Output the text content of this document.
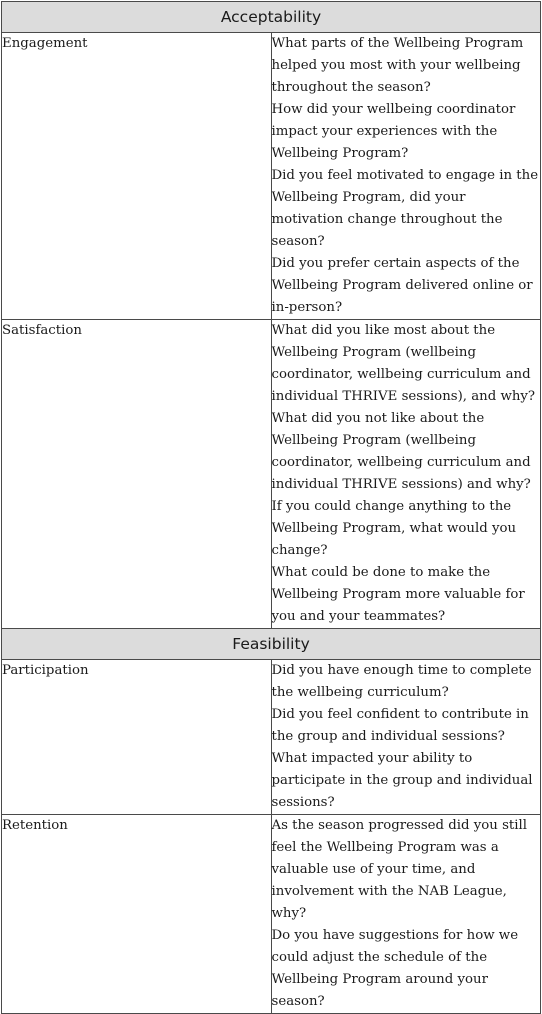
Acceptability	
Engagement	What parts of the Wellbeing Program helped you most with your wellbeing throughout the season?
How did your wellbeing coordinator impact your experiences with the Wellbeing Program?
Did you feel motivated to engage in the Wellbeing Program, did your motivation change throughout the season?
Did you prefer certain aspects of the Wellbeing Program delivered online or in-person?

Satisfaction	What did you like most about the Wellbeing Program (wellbeing coordinator, wellbeing curriculum and individual THRIVE sessions), and why?
What did you not like about the Wellbeing Program (wellbeing coordinator, wellbeing curriculum and individual THRIVE sessions) and why?
If you could change anything to the Wellbeing Program, what would you change?
What could be done to make the Wellbeing Program more valuable for you and your teammates?

Feasibility	
Participation	Did you have enough time to complete the wellbeing curriculum?
Did you feel confident to contribute in the group and individual sessions?
What impacted your ability to participate in the group and individual sessions?

Retention	As the season progressed did you still feel the Wellbeing Program was a valuable use of your time, and involvement with the NAB League, why?
Do you have suggestions for how we could adjust the schedule of the Wellbeing Program around your season?
